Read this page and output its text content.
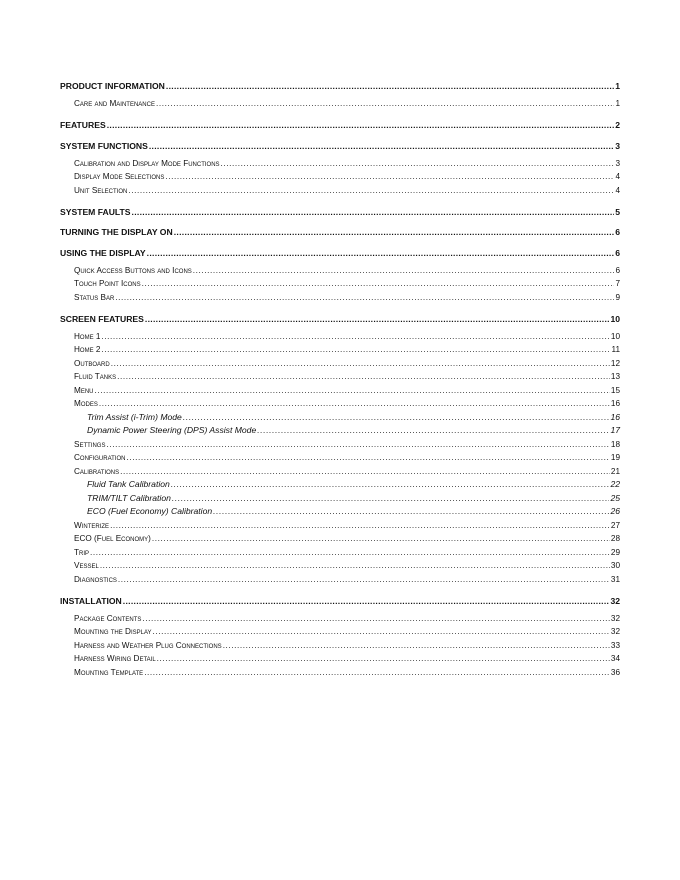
PRODUCT INFORMATION .....	1
Care and Maintenance .....	1
FEATURES .....	2
SYSTEM FUNCTIONS .....	3
Calibration and Display Mode Functions .....	3
Display Mode Selections .....	4
Unit Selection .....	4
SYSTEM FAULTS .....	5
TURNING THE DISPLAY ON .....	6
USING THE DISPLAY .....	6
Quick Access Buttons and Icons .....	6
Touch Point Icons .....	7
Status Bar .....	9
SCREEN FEATURES .....	10
Home 1 .....	10
Home 2 .....	11
Outboard .....	12
Fluid Tanks .....	13
Menu .....	15
Modes .....	16
Trim Assist (i-Trim) Mode .....	16
Dynamic Power Steering (DPS) Assist Mode .....	17
Settings .....	18
Configuration .....	19
Calibrations .....	21
Fluid Tank Calibration .....	22
TRIM/TILT Calibration .....	25
ECO (Fuel Economy) Calibration .....	26
Winterize .....	27
ECO (Fuel Economy) .....	28
Trip .....	29
Vessel .....	30
Diagnostics .....	31
INSTALLATION .....	32
Package Contents .....	32
Mounting the Display .....	32
Harness and Weather Plug Connections .....	33
Harness Wiring Detail .....	34
Mounting Template .....	36
